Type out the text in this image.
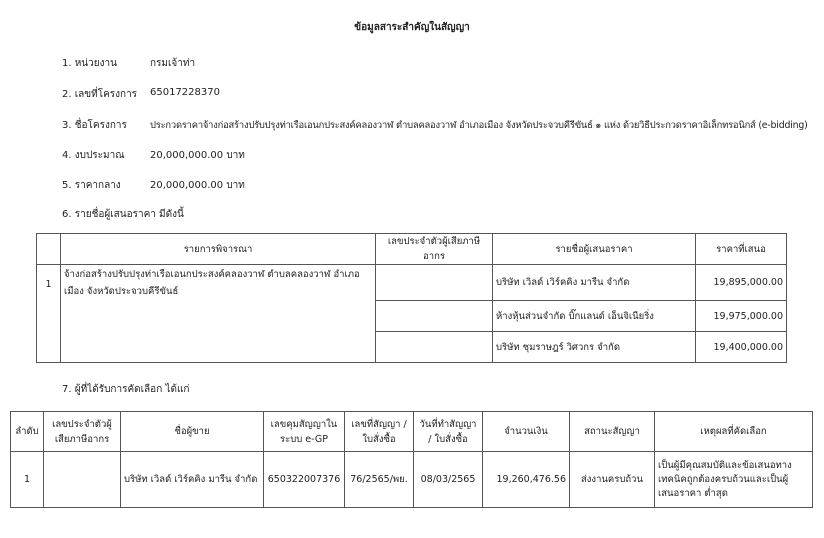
ข้อมูลสาระสำคัญในสัญญา
1. หน่วยงาน	กรมเจ้าท่า
2. เลขที่โครงการ 65017228370
3. ชื่อโครงการ ประกวดราคาจ้างก่อสร้างปรับปรุงท่าเรือเอนกประสงค์คลองวาฬ ตำบลคลองวาฬ อำเภอเมือง จังหวัดประจวบคีรีขันธ์ ๑ แห่ง ด้วยวิธีประกวดราคาอิเล็กทรอนิกส์ (e-bidding)
4. งบประมาณ	20,000,000.00 บาท
5. ราคากลาง	20,000,000.00 บาท
6. รายชื่อผู้เสนอราคา มีดังนี้
	รายการพิจารณา	เลขประจำตัวผู้เสียภาษีอากร	รายชื่อผู้เสนอราคา	ราคาที่เสนอ
1	จ้างก่อสร้างปรับปรุงท่าเรือเอนกประสงค์คลองวาฬ ตำบลคลองวาฬ อำเภอเมือง จังหวัดประจวบคีรีขันธ์		บริษัท เวิลด์ เวิร์คคิง มารีน จำกัด	19,895,000.00
			ห้างหุ้นส่วนจำกัด บิ๊กแลนด์ เอ็นจิเนียริ่ง	19,975,000.00
			บริษัท ชุมราษฎร์ วิศวกร จำกัด	19,400,000.00
7. ผู้ที่ได้รับการคัดเลือก ได้แก่
ลำดับ	เลขประจำตัวผู้เสียภาษีอากร	ชื่อผู้ขาย	เลขคุมสัญญาในระบบ e-GP	เลขที่สัญญา / ใบสั่งซื้อ	วันที่ทำสัญญา / ใบสั่งซื้อ	จำนวนเงิน	สถานะสัญญา	เหตุผลที่คัดเลือก
1		บริษัท เวิลด์ เวิร์คคิง มารีน จำกัด	650322007376	76/2565/พย.	08/03/2565	19,260,476.56	ส่งงานครบถ้วน	เป็นผู้มีคุณสมบัติและข้อเสนอทางเทคนิคถูกต้องครบถ้วนและเป็นผู้เสนอราคา ต่ำสุด
